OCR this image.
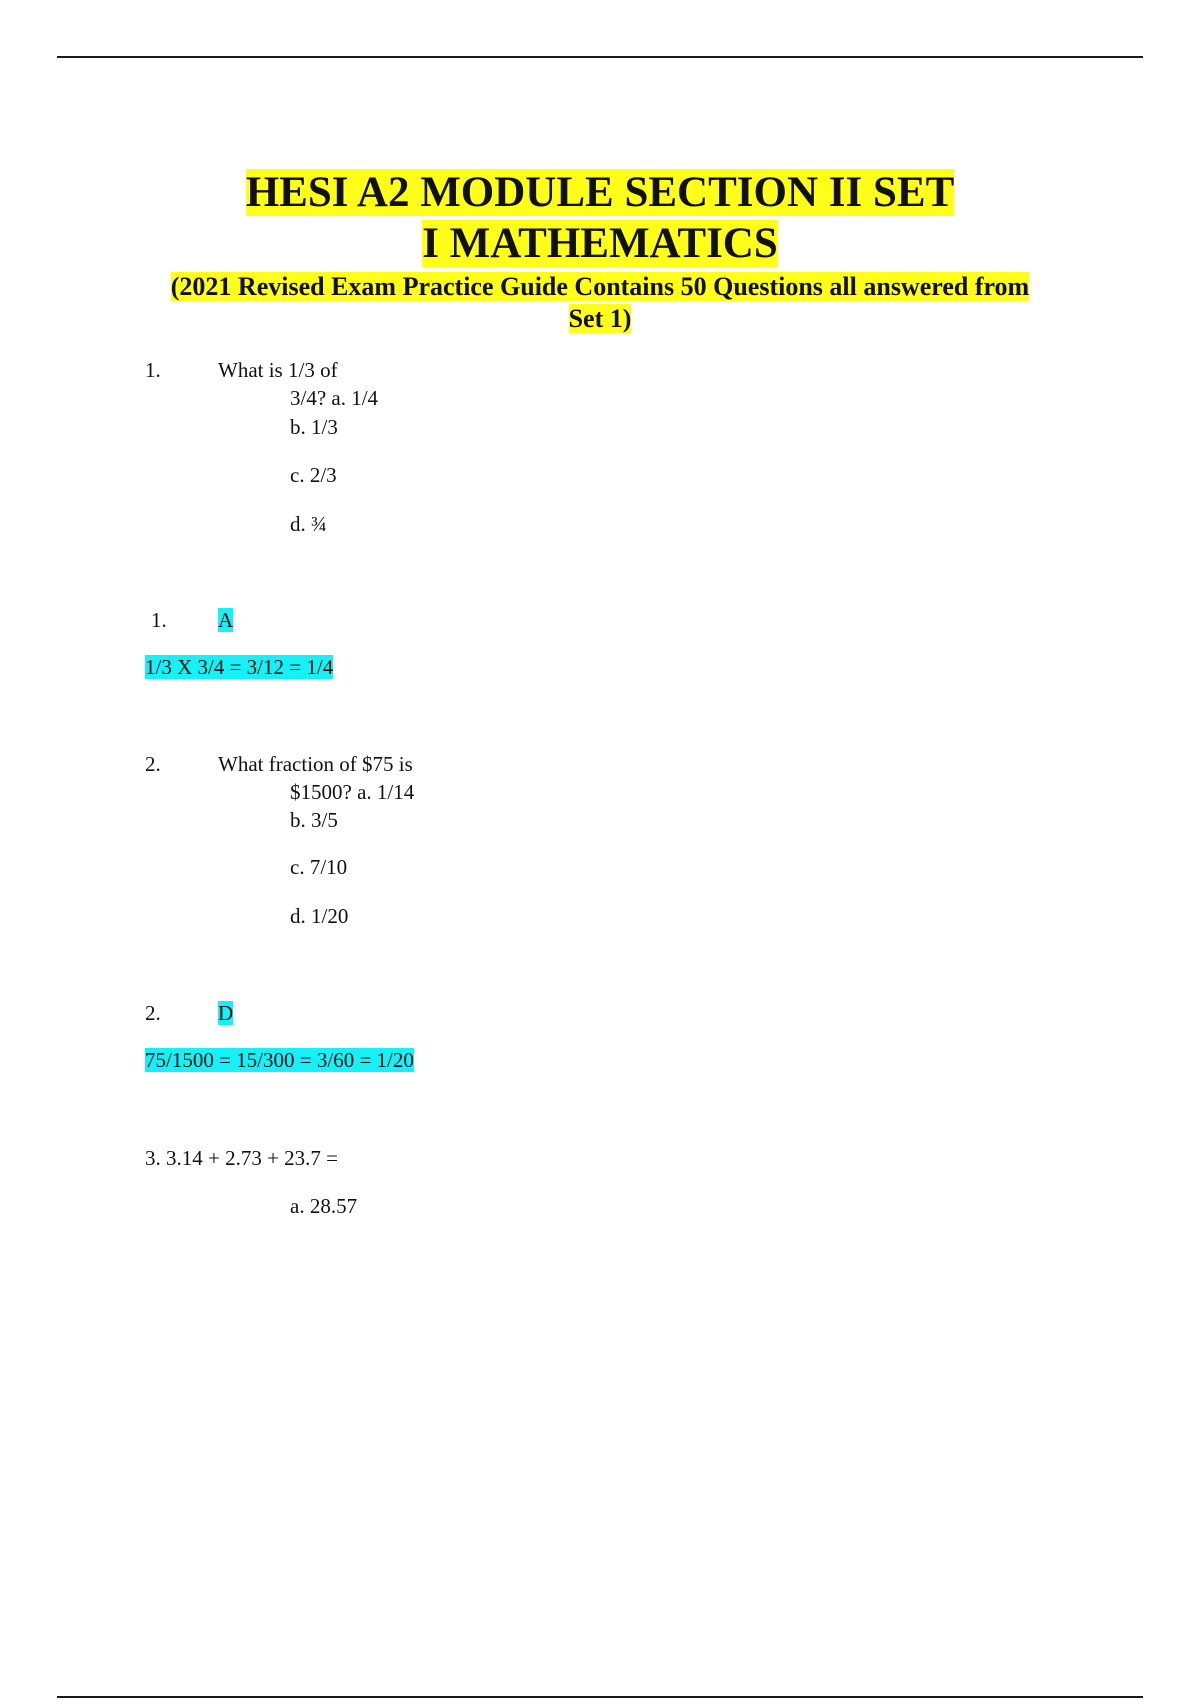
HESI A2 MODULE SECTION II SET
I MATHEMATICS
(2021 Revised Exam Practice Guide Contains 50 Questions all answered from
Set 1)
1.	What is 1/3 of
3/4? a. 1/4
b. 1/3
c. 2/3
d. ¾
1. A
1/3 X 3/4 = 3/12 = 1/4
2.	What fraction of $75 is
$1500? a. 1/14
b. 3/5
c. 7/10
d. 1/20
2.	D
75/1500 = 15/300 = 3/60 = 1/20
3. 3.14 + 2.73 + 23.7 =
a. 28.57
